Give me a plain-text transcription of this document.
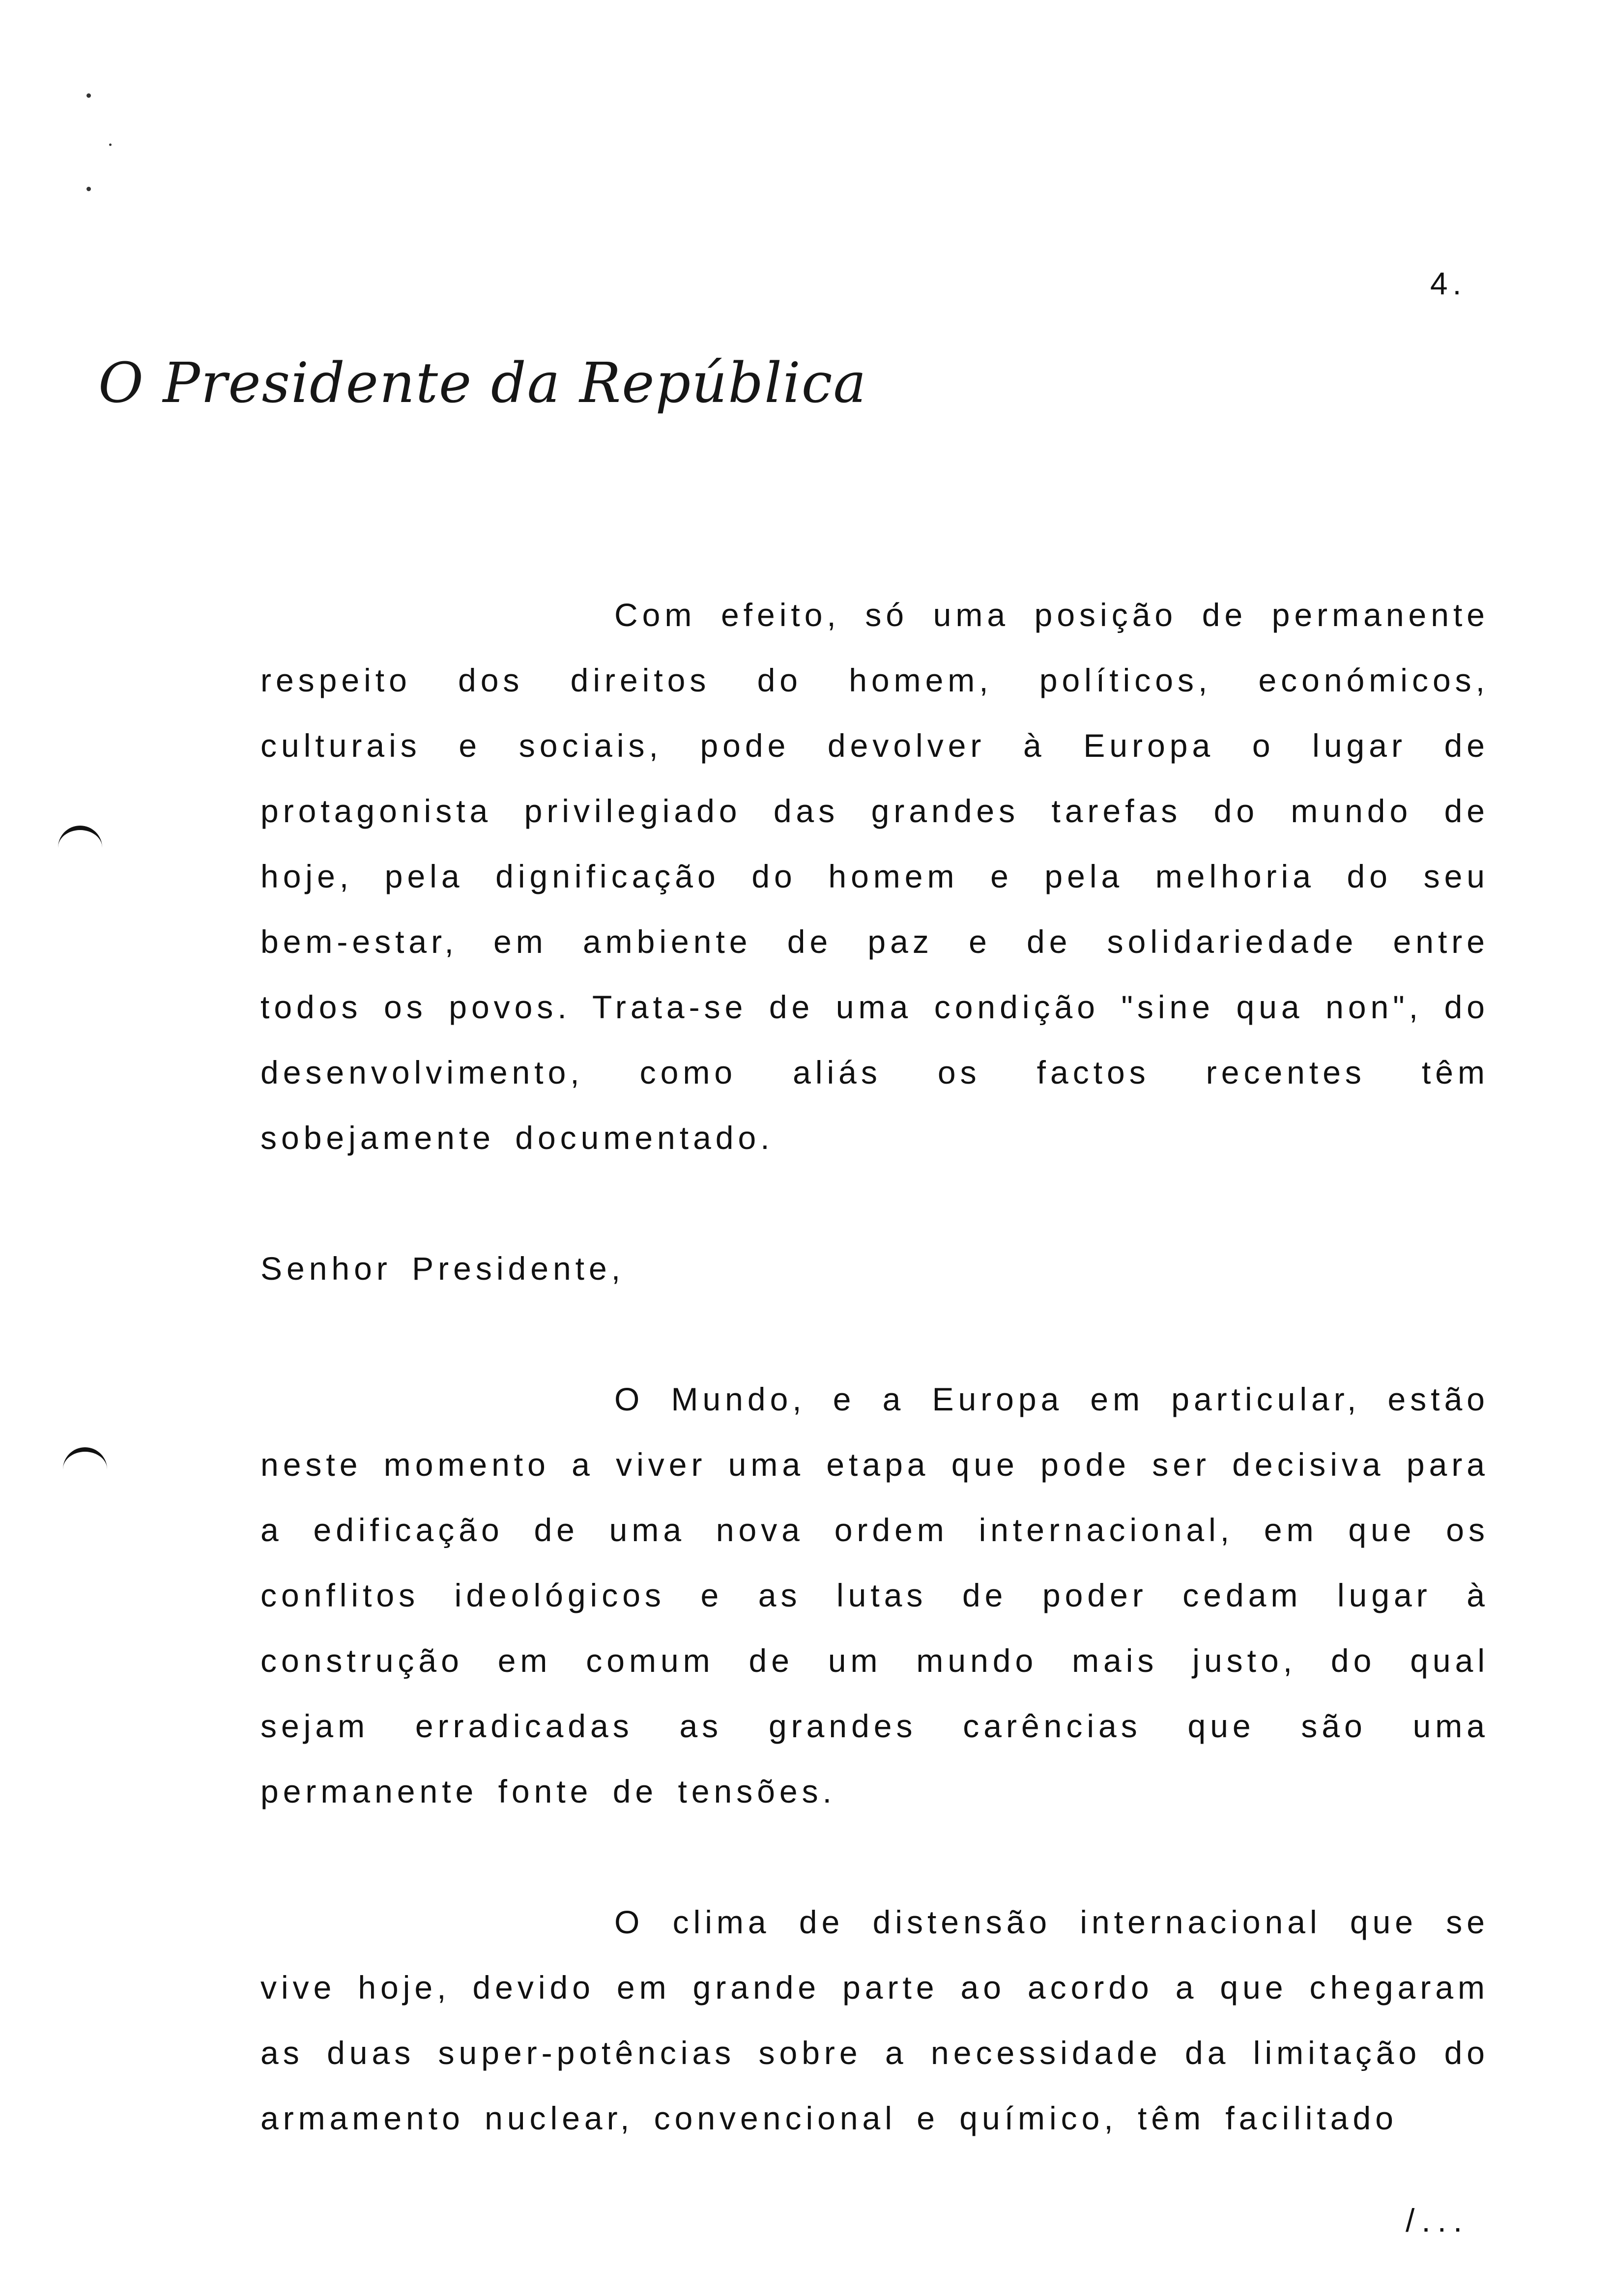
4.
O Presidente da República

Com efeito, só uma posição de permanente respeito dos direitos do homem, políticos, económicos, culturais e sociais, pode devolver à Europa o lugar de protagonista privilegiado das grandes tarefas do mundo de hoje, pela dignificação do homem e pela melhoria do seu bem-estar, em ambiente de paz e de solidariedade entre todos os povos. Trata-se de uma condição "sine qua non", do desenvolvimento, como aliás os factos recentes têm sobejamente documentado.

Senhor Presidente,

O Mundo, e a Europa em particular, estão neste momento a viver uma etapa que pode ser decisiva para a edificação de uma nova ordem internacional, em que os conflitos ideológicos e as lutas de poder cedam lugar à construção em comum de um mundo mais justo, do qual sejam erradicadas as grandes carências que são uma permanente fonte de tensões.

O clima de distensão internacional que se vive hoje, devido em grande parte ao acordo a que chegaram as duas super-potências sobre a necessidade da limitação do armamento nuclear, convencional e químico, têm facilitado

/...
